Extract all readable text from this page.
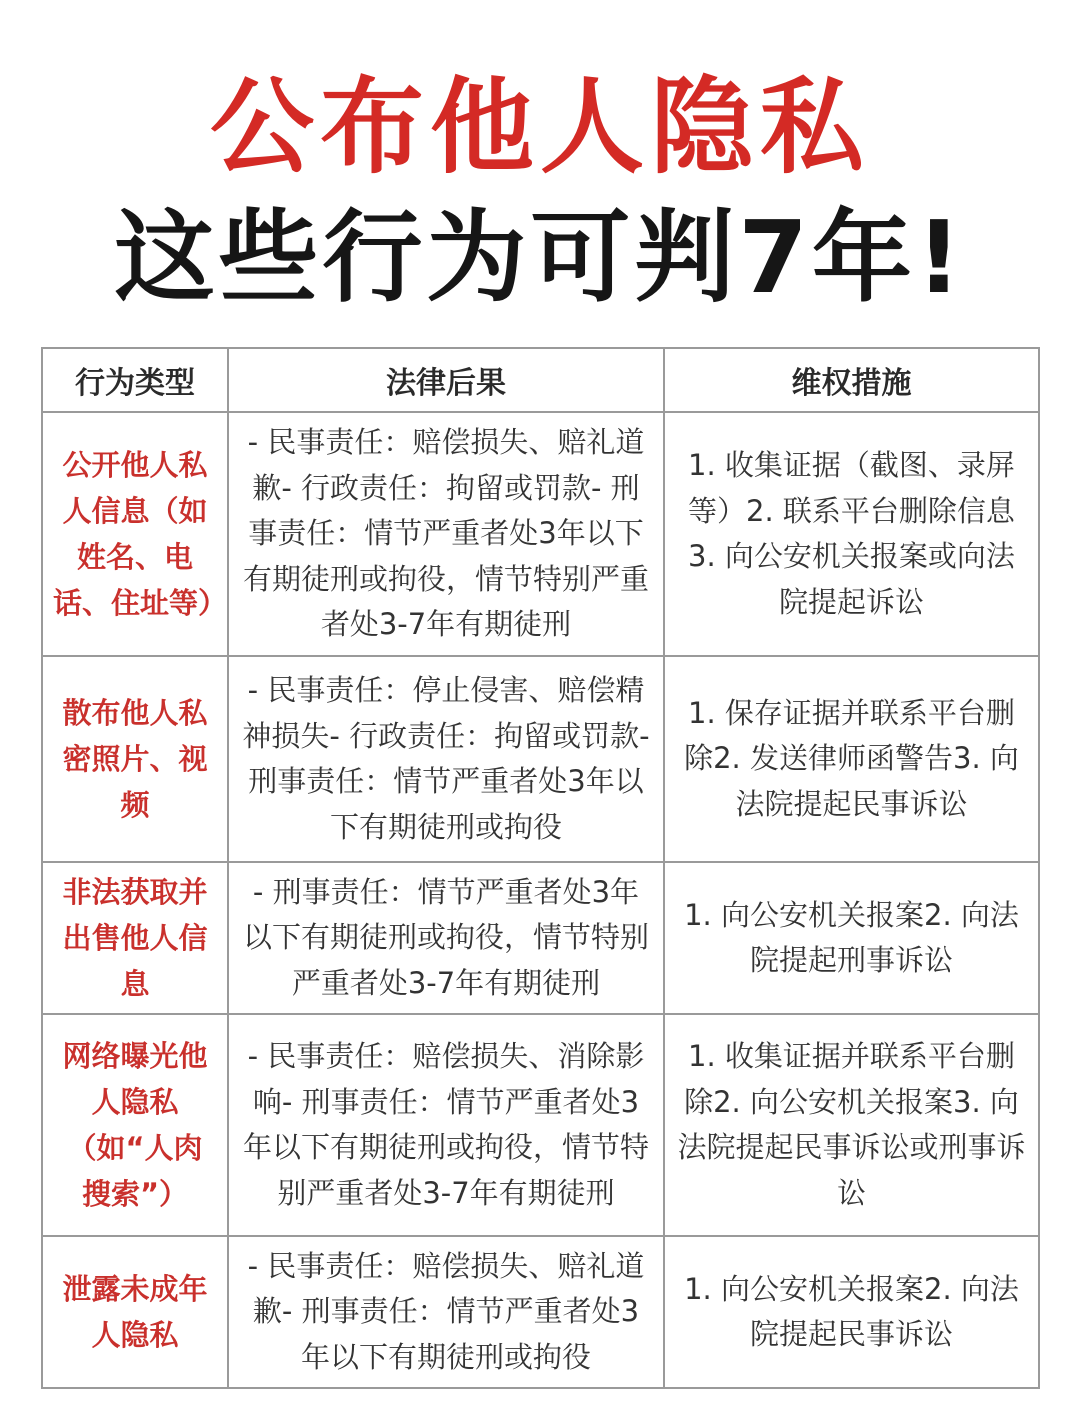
公布他人隐私
这些行为可判7年!
行为类型	法律后果	维权措施
公开他人私人信息（如姓名、电话、住址等）	- 民事责任：赔偿损失、赔礼道歉- 行政责任：拘留或罚款- 刑事责任：情节严重者处3年以下有期徒刑或拘役，情节特别严重者处3-7年有期徒刑	1. 收集证据（截图、录屏等）2. 联系平台删除信息3. 向公安机关报案或向法院提起诉讼
散布他人私密照片、视频	- 民事责任：停止侵害、赔偿精神损失- 行政责任：拘留或罚款- 刑事责任：情节严重者处3年以下有期徒刑或拘役	1. 保存证据并联系平台删除2. 发送律师函警告3. 向法院提起民事诉讼
非法获取并出售他人信息	- 刑事责任：情节严重者处3年以下有期徒刑或拘役，情节特别严重者处3-7年有期徒刑	1. 向公安机关报案2. 向法院提起刑事诉讼
网络曝光他人隐私（如“人肉搜索”）	- 民事责任：赔偿损失、消除影响- 刑事责任：情节严重者处3年以下有期徒刑或拘役，情节特别严重者处3-7年有期徒刑	1. 收集证据并联系平台删除2. 向公安机关报案3. 向法院提起民事诉讼或刑事诉讼
泄露未成年人隐私	- 民事责任：赔偿损失、赔礼道歉- 刑事责任：情节严重者处3年以下有期徒刑或拘役	1. 向公安机关报案2. 向法院提起民事诉讼
